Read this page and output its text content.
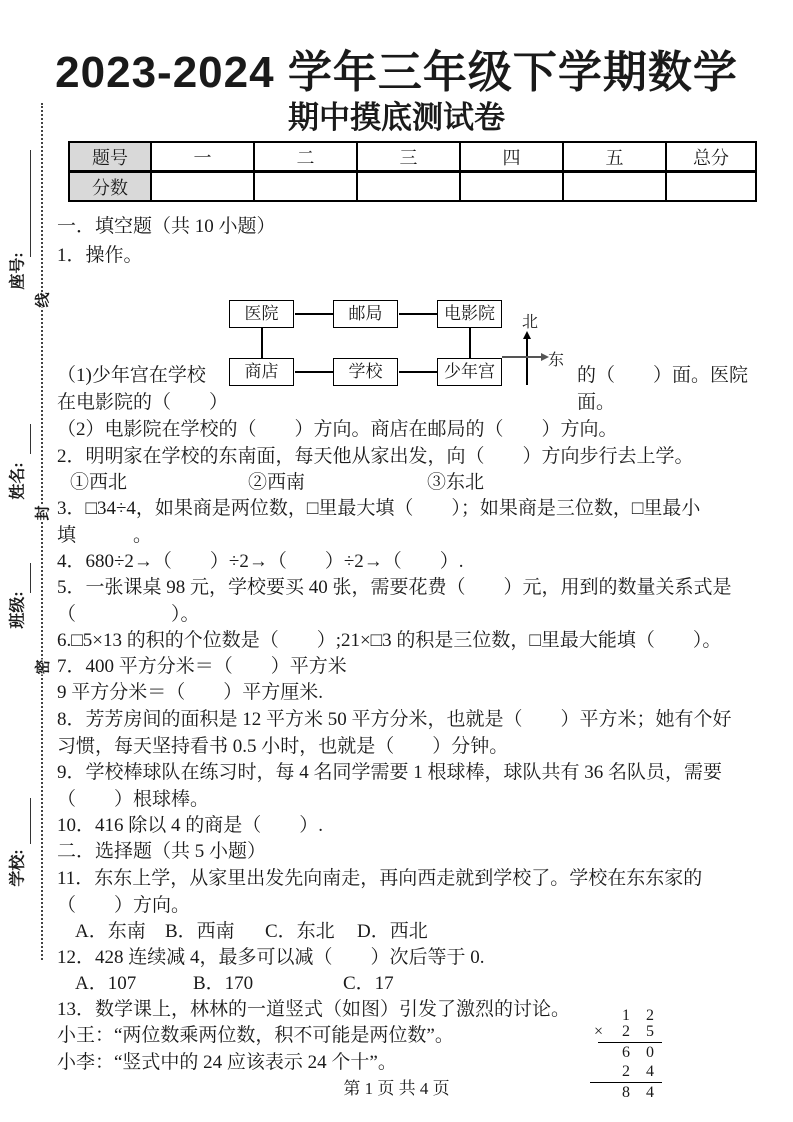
2023-2024 学年三年级下学期数学
期中摸底测试卷
题号	一	二	三	四	五	总分
分数						
座号:
姓名:
班级:
学校:
线
封
密
一．填空题（共 10 小题）
1．操作。
医院	邮局	电影院
商店	学校	少年宫
北
东
（1)少年宫在学校	的（　　）面。医院
在电影院的（　　）	面。
（2）电影院在学校的（　　）方向。商店在邮局的（　　）方向。
2．明明家在学校的东南面，每天他从家出发，向（　　）方向步行去上学。
①西北	②西南	③东北
3．□34÷4，如果商是两位数，□里最大填（　　）；如果商是三位数，□里最小
填　　　。
4．680÷2→（　　）÷2→（　　）÷2→（　　）.
5．一张课桌 98 元，学校要买 40 张，需要花费（　　）元，用到的数量关系式是
（　　　　　）。
6.□5×13 的积的个位数是（　　）;21×□3 的积是三位数，□里最大能填（　　）。
7．400 平方分米＝（　　）平方米
9 平方分米＝（　　）平方厘米.
8．芳芳房间的面积是 12 平方米 50 平方分米，也就是（　　）平方米；她有个好
习惯，每天坚持看书 0.5 小时，也就是（　　）分钟。
9．学校棒球队在练习时，每 4 名同学需要 1 根球棒，球队共有 36 名队员，需要
（　　）根球棒。
10．416 除以 4 的商是（　　）.
二．选择题（共 5 小题）
11．东东上学，从家里出发先向南走，再向西走就到学校了。学校在东东家的
（　　）方向。
A．东南 B．西南 C．东北 D．西北
12．428 连续减 4，最多可以减（　　）次后等于 0.
A．107	B．170	C．17
13．数学课上，林林的一道竖式（如图）引发了激烈的讨论。
小王：“两位数乘两位数，积不可能是两位数”。
小李：“竖式中的 24 应该表示 24 个十”。
1 2
× 2 5
6 0
2 4
8 4
第 1 页 共 4 页
